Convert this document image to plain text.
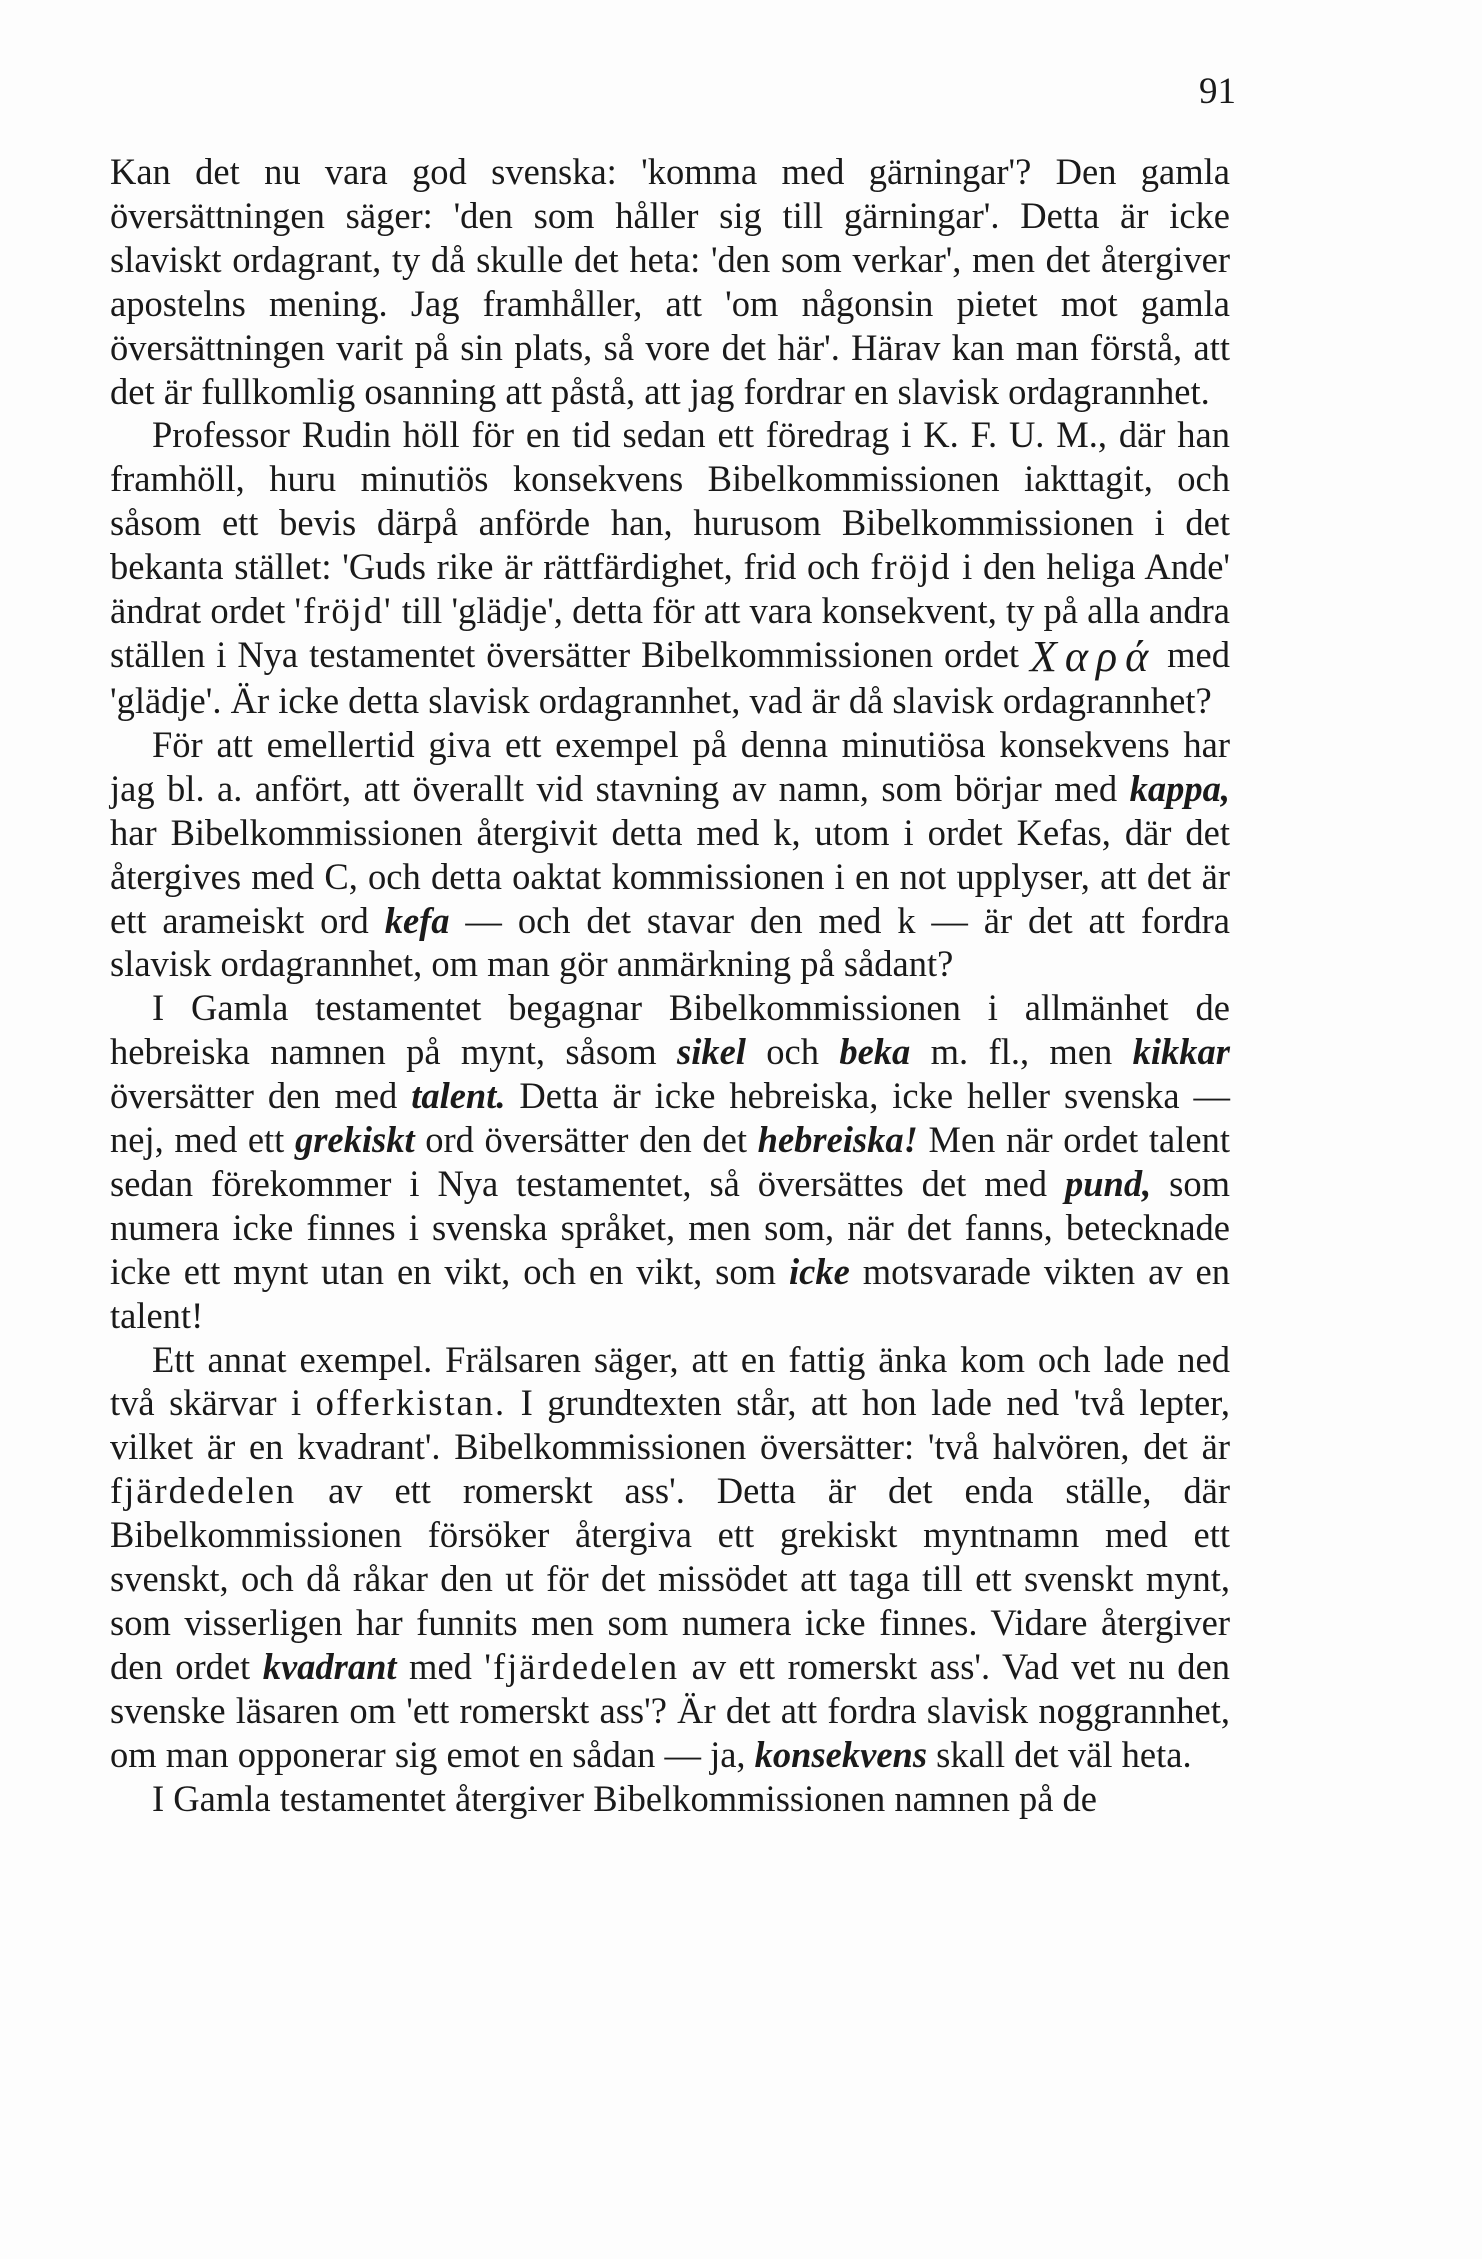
91

Kan det nu vara god svenska: 'komma med gärningar'? Den gamla översättningen säger: 'den som håller sig till gärningar'. Detta är icke slaviskt ordagrant, ty då skulle det heta: 'den som verkar', men det återgiver apostelns mening. Jag framhåller, att 'om någonsin pietet mot gamla översättningen varit på sin plats, så vore det här'. Härav kan man förstå, att det är fullkomlig osanning att påstå, att jag fordrar en slavisk ordagrannhet.

Professor Rudin höll för en tid sedan ett föredrag i K. F. U. M., där han framhöll, huru minutiös konsekvens Bibelkommissionen iakttagit, och såsom ett bevis därpå anförde han, hurusom Bibelkommissionen i det bekanta stället: 'Guds rike är rättfärdighet, frid och fröjd i den heliga Ande' ändrat ordet 'fröjd' till 'glädje', detta för att vara konsekvent, ty på alla andra ställen i Nya testamentet översätter Bibelkommissionen ordet Χαρά med 'glädje'. Är icke detta slavisk ordagrannhet, vad är då slavisk ordagrannhet?

För att emellertid giva ett exempel på denna minutiösa konsekvens har jag bl. a. anfört, att överallt vid stavning av namn, som börjar med kappa, har Bibelkommissionen återgivit detta med k, utom i ordet Kefas, där det återgives med C, och detta oaktat kommissionen i en not upplyser, att det är ett arameiskt ord kefa — och det stavar den med k — är det att fordra slavisk ordagrannhet, om man gör anmärkning på sådant?

I Gamla testamentet begagnar Bibelkommissionen i allmänhet de hebreiska namnen på mynt, såsom sikel och beka m. fl., men kikkar översätter den med talent. Detta är icke hebreiska, icke heller svenska — nej, med ett grekiskt ord översätter den det hebreiska! Men när ordet talent sedan förekommer i Nya testamentet, så översättes det med pund, som numera icke finnes i svenska språket, men som, när det fanns, betecknade icke ett mynt utan en vikt, och en vikt, som icke motsvarade vikten av en talent!

Ett annat exempel. Frälsaren säger, att en fattig änka kom och lade ned två skärvar i offerkistan. I grundtexten står, att hon lade ned 'två lepter, vilket är en kvadrant'. Bibelkommissionen översätter: 'två halvören, det är fjärdedelen av ett romerskt ass'. Detta är det enda ställe, där Bibelkommissionen försöker återgiva ett grekiskt myntnamn med ett svenskt, och då råkar den ut för det missödet att taga till ett svenskt mynt, som visserligen har funnits men som numera icke finnes. Vidare återgiver den ordet kvadrant med 'fjärdedelen av ett romerskt ass'. Vad vet nu den svenske läsaren om 'ett romerskt ass'? Är det att fordra slavisk noggrannhet, om man opponerar sig emot en sådan — ja, konsekvens skall det väl heta.

I Gamla testamentet återgiver Bibelkommissionen namnen på de
